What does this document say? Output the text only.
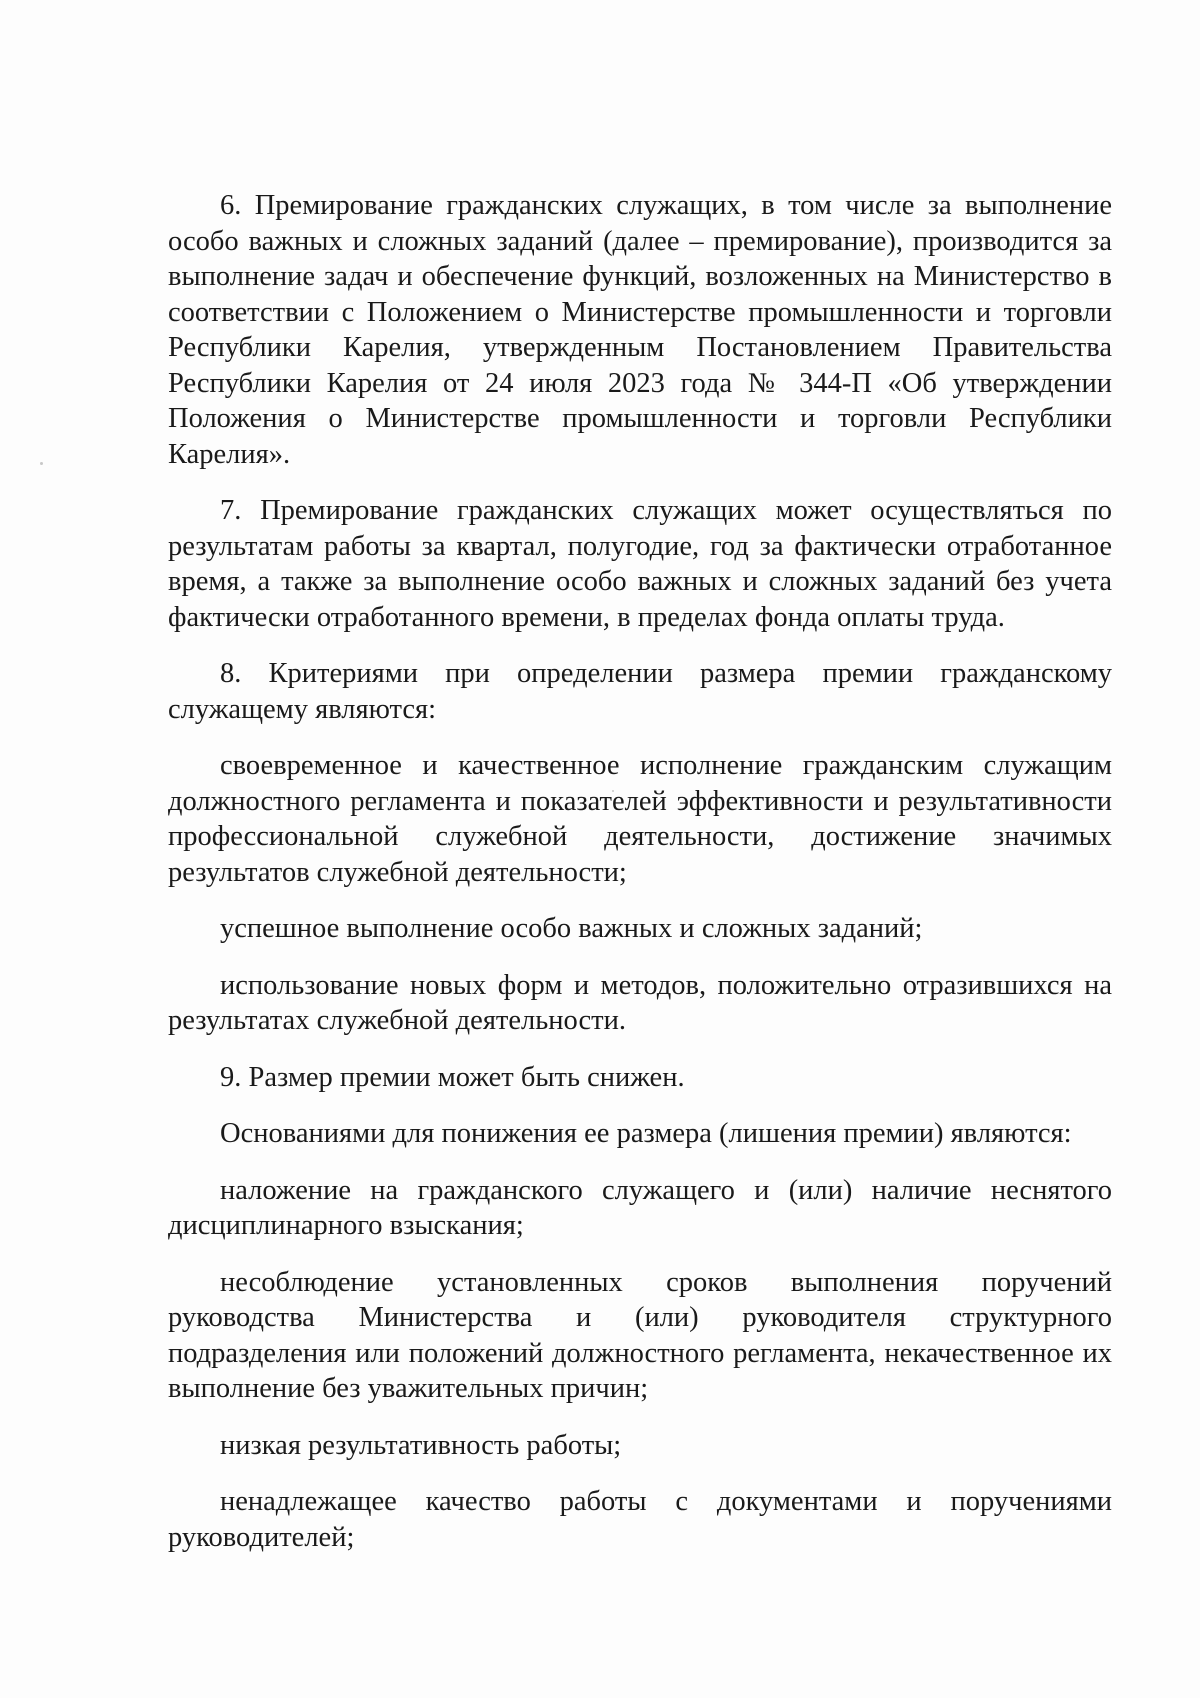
6. Премирование гражданских служащих, в том числе за выполнение особо важных и сложных заданий (далее – премирование), производится за выполнение задач и обеспечение функций, возложенных на Министерство в соответствии с Положением о Министерстве промышленности и торговли Республики Карелия, утвержденным Постановлением Правительства Республики Карелия от 24 июля 2023 года № 344-П «Об утверждении Положения о Министерстве промышленности и торговли Республики Карелия».

7. Премирование гражданских служащих может осуществляться по результатам работы за квартал, полугодие, год за фактически отработанное время, а также за выполнение особо важных и сложных заданий без учета фактически отработанного времени, в пределах фонда оплаты труда.

8. Критериями при определении размера премии гражданскому служащему являются:

своевременное и качественное исполнение гражданским служащим должностного регламента и показателей эффективности и результативности профессиональной служебной деятельности, достижение значимых результатов служебной деятельности;

успешное выполнение особо важных и сложных заданий;

использование новых форм и методов, положительно отразившихся на результатах служебной деятельности.

9. Размер премии может быть снижен.

Основаниями для понижения ее размера (лишения премии) являются:

наложение на гражданского служащего и (или) наличие неснятого дисциплинарного взыскания;

несоблюдение установленных сроков выполнения поручений руководства Министерства и (или) руководителя структурного подразделения или положений должностного регламента, некачественное их выполнение без уважительных причин;

низкая результативность работы;

ненадлежащее качество работы с документами и поручениями руководителей;
